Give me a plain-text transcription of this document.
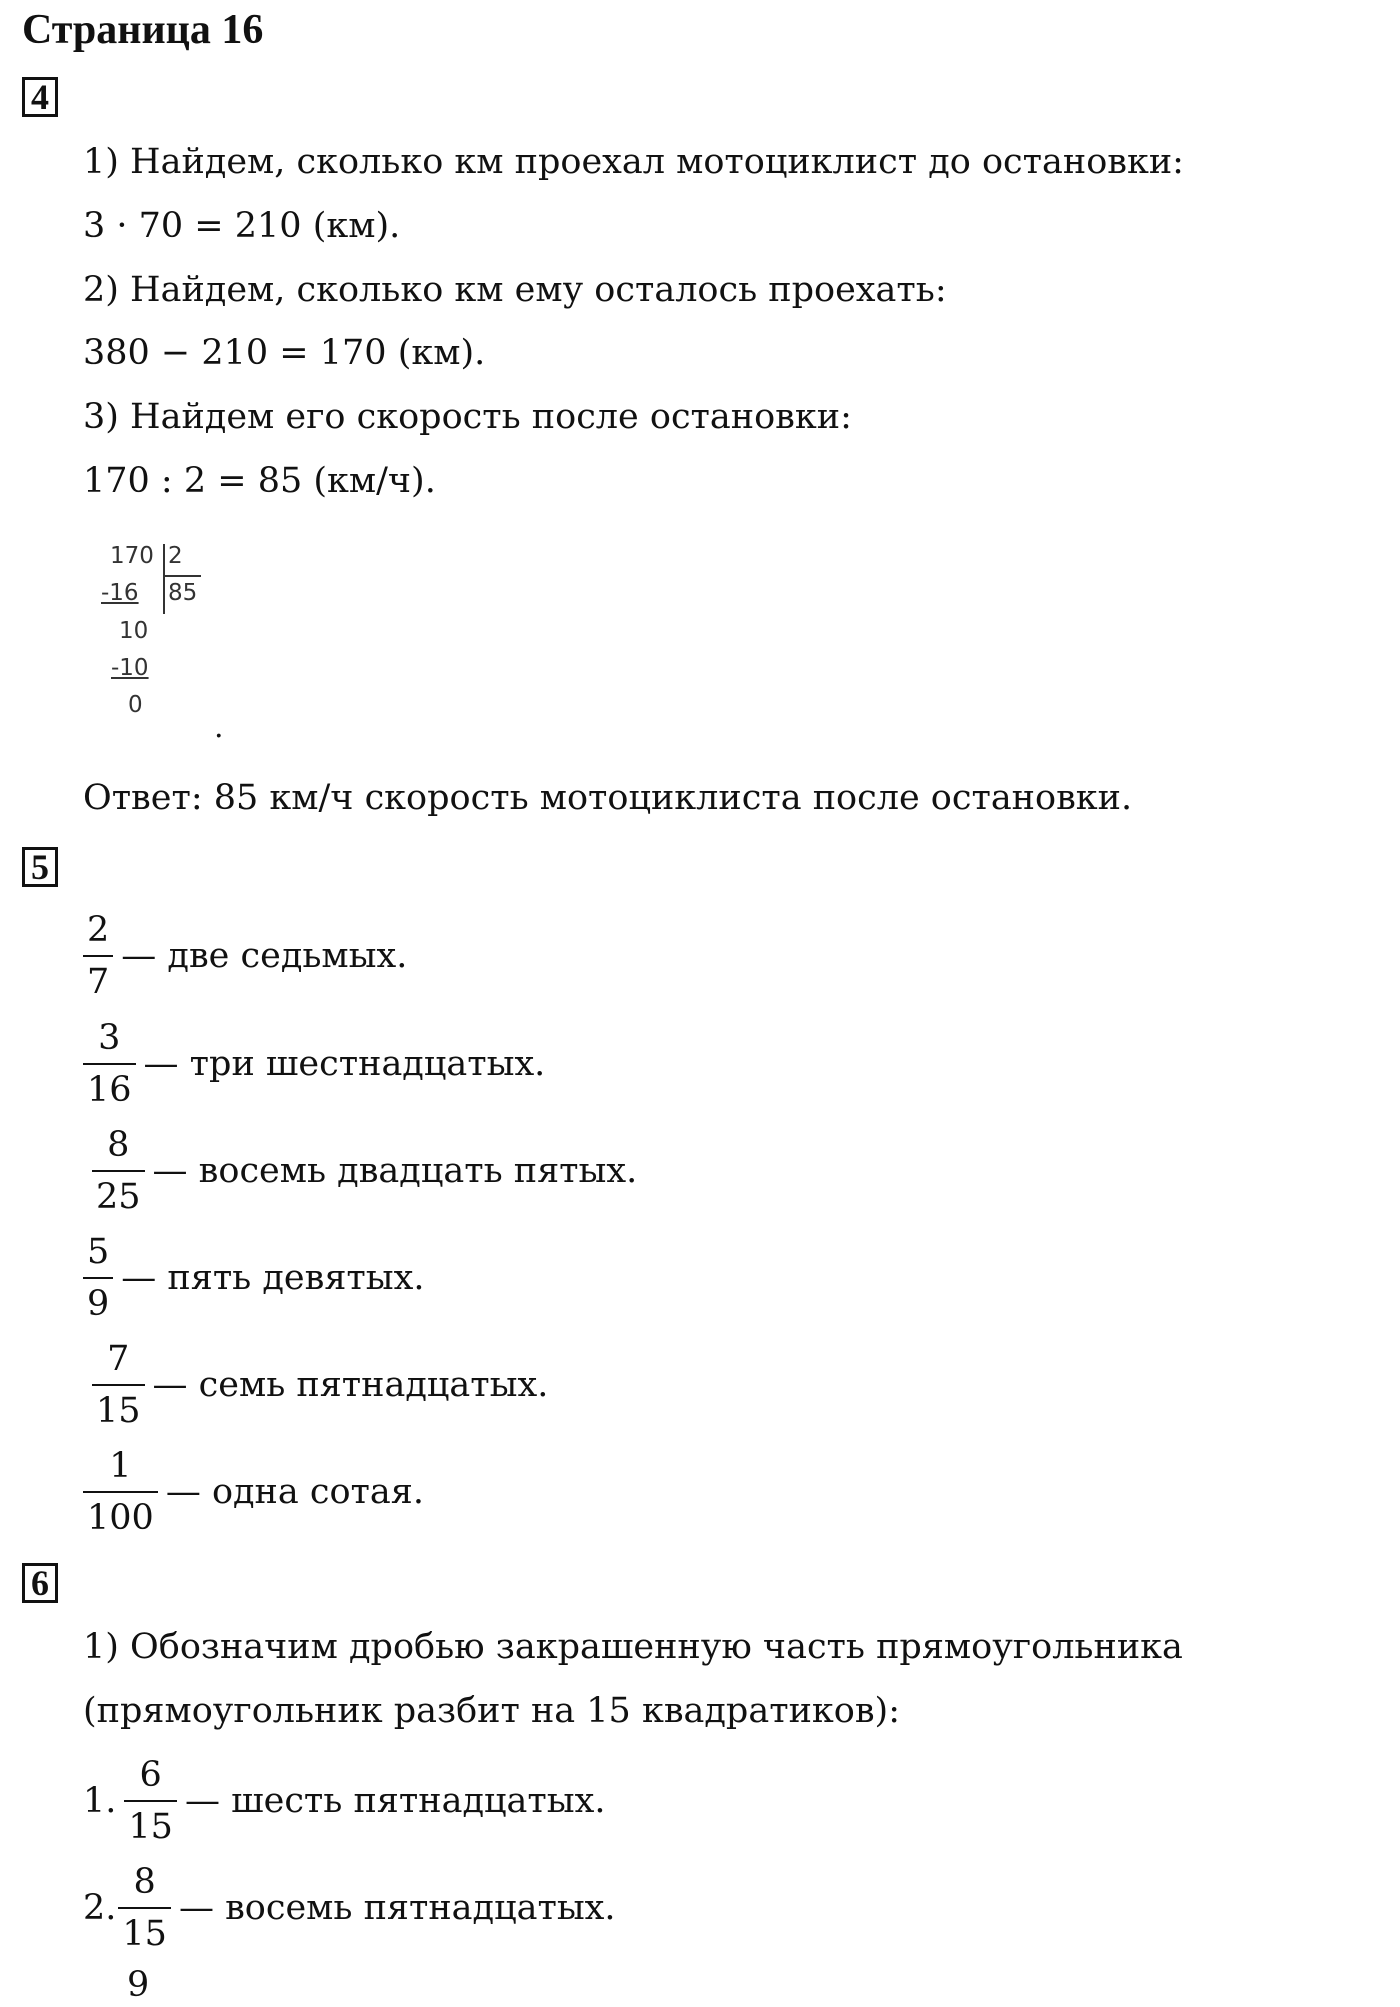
Страница 16
4
1) Найдем, сколько км проехал мотоциклист до остановки:
3 · 70 = 210 (км).
2) Найдем, сколько км ему осталось проехать:
380 − 210 = 170 (км).
3) Найдем его скорость после остановки:
170 : 2 = 85 (км/ч).
170 2
-16 85
10
-10
0
.
Ответ: 85 км/ч скорость мотоциклиста после остановки.
5
$\frac{2}{7}$ — две седьмых.
$\frac{3}{16}$ — три шестнадцатых.
$\frac{8}{25}$ — восемь двадцать пятых.
$\frac{5}{9}$ — пять девятых.
$\frac{7}{15}$ — семь пятнадцатых.
$\frac{1}{100}$ — одна сотая.
6
1) Обозначим дробью закрашенную часть прямоугольника
(прямоугольник разбит на 15 квадратиков):
1. $\frac{6}{15}$ — шесть пятнадцатых.
2. $\frac{8}{15}$ — восемь пятнадцатых.
9
